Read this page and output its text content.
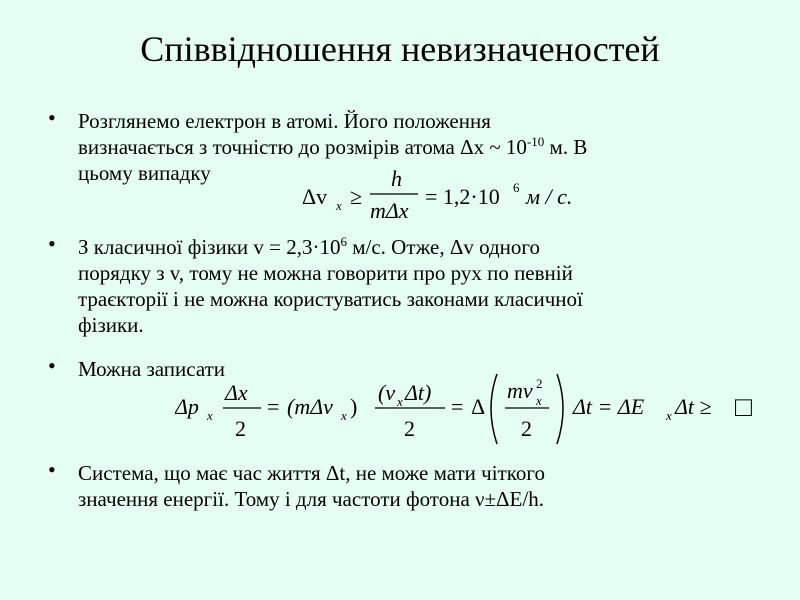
Співвідношення невизначеностей
• Розглянемо електрон в атомі. Його положення
визначається з точністю до розмірів атома Δx ~ $10^{-10}$ м. В
цьому випадку
Δv x ≥
h
mΔx
= 1,2·10 6 м / с.
• З класичної фізики $v = 2,3\cdot 10^6$ м/с. Отже, Δv одного
порядку з v, тому не можна говорити про рух по певній
траєкторії і не можна користуватись законами класичної
фізики.
• Можна записати
Δp x
Δx
2
= (mΔv x )
(v x Δt)
2
= Δ
mv 2
x
2
Δt = ΔE x Δt ≥ □
• Система, що має час життя Δt, не може мати чіткого
значення енергії. Тому і для частоти фотона ν±ΔE/h.
